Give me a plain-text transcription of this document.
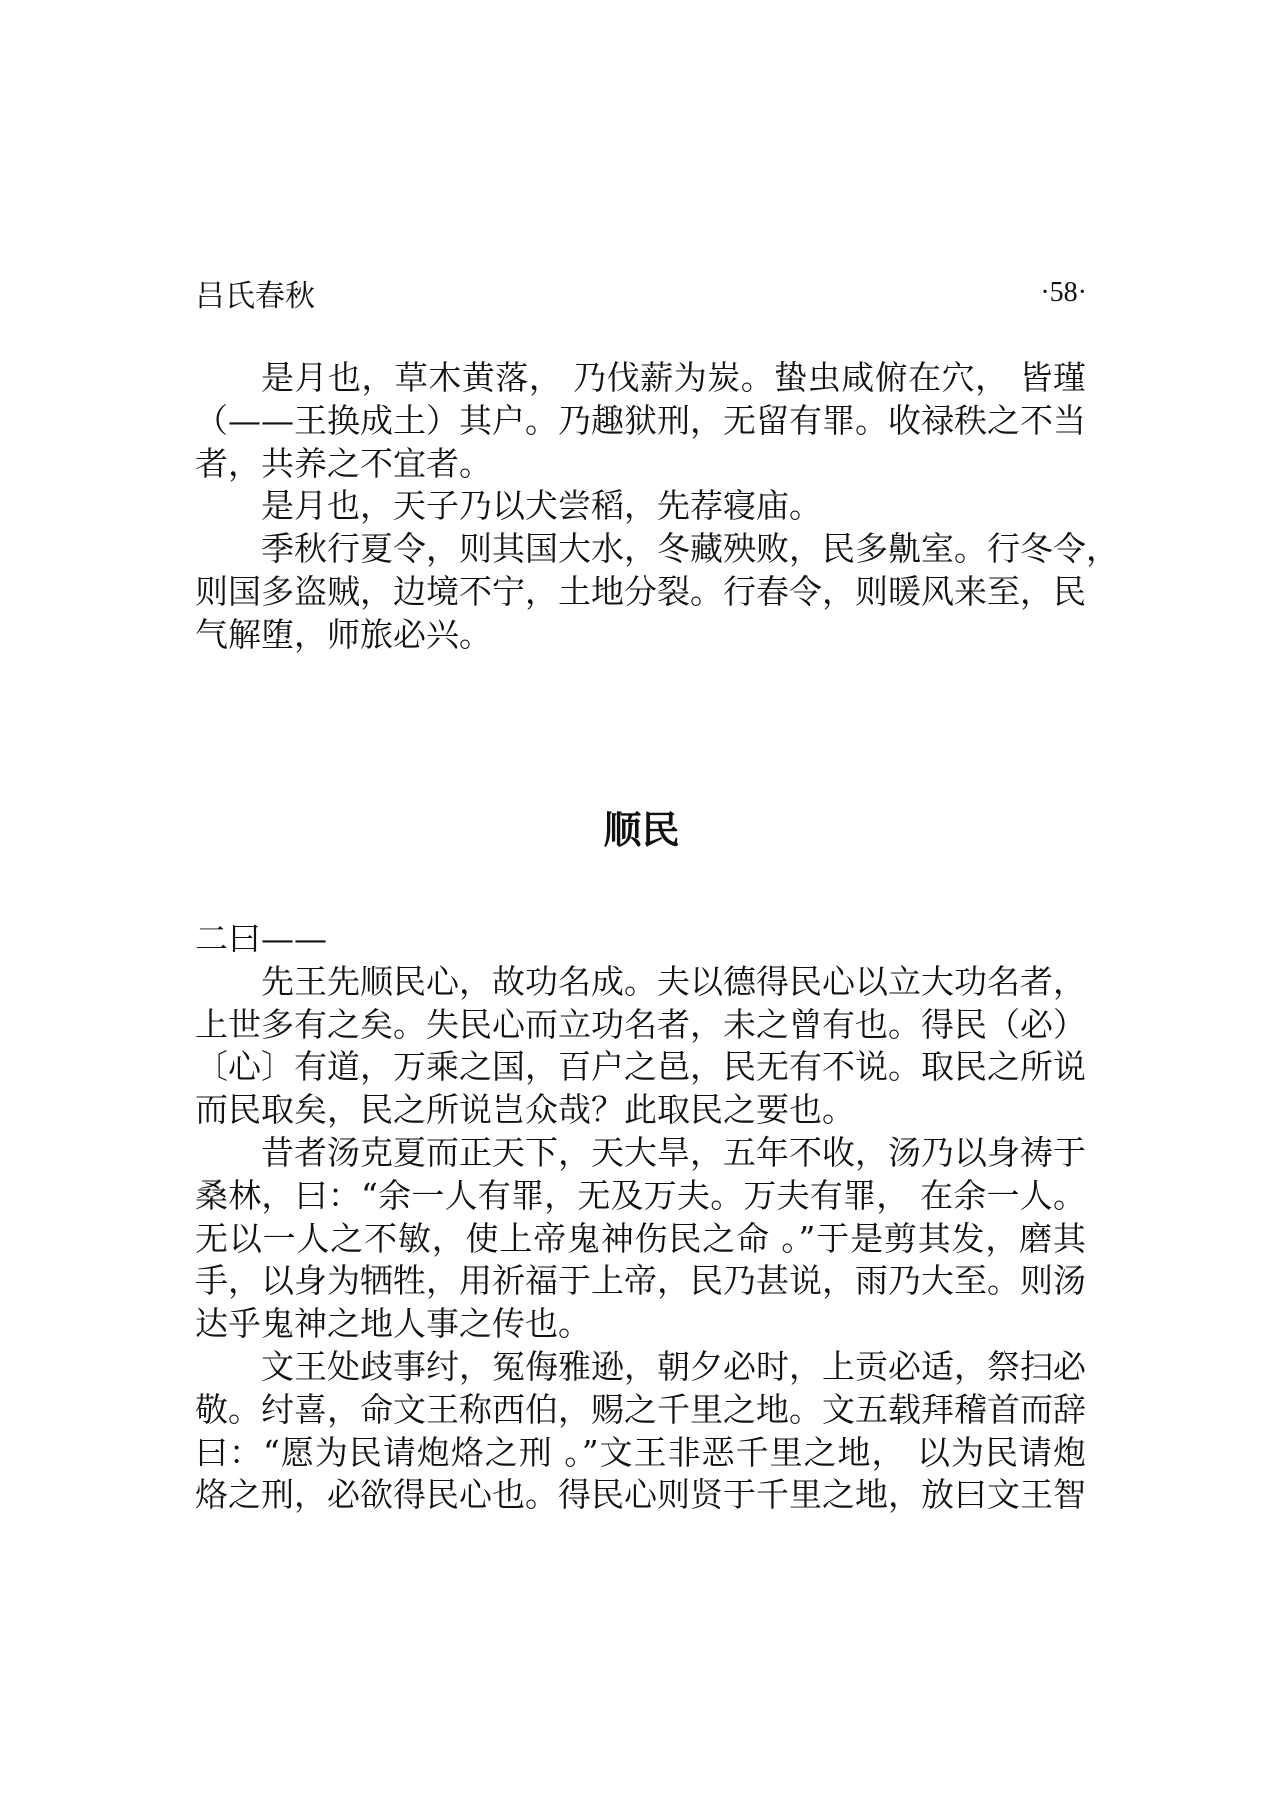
吕氏春秋	·58·
是月也，草木黄落， 乃伐薪为炭。蛰虫咸俯在穴， 皆瑾
（——王换成土）其户。乃趣狱刑，无留有罪。收禄秩之不当
者，共养之不宜者。
是月也，天子乃以犬尝稻，先荐寝庙。
季秋行夏令，则其国大水，冬藏殃败，民多鼽室。行冬令，
则国多盗贼，边境不宁，土地分裂。行春令，则暖风来至，民
气解堕，师旅必兴。
顺民
二曰——
先王先顺民心，故功名成。夫以德得民心以立大功名者，
上世多有之矣。失民心而立功名者，未之曾有也。得民（必）
〔心〕有道，万乘之国，百户之邑，民无有不说。取民之所说
而民取矣，民之所说岂众哉？此取民之要也。
昔者汤克夏而正天下，天大旱，五年不收，汤乃以身祷于
桑林，曰：“余一人有罪，无及万夫。万夫有罪， 在余一人。
无以一人之不敏，使上帝鬼神伤民之命 。”于是剪其发，磨其
手，以身为牺牲，用祈福于上帝，民乃甚说，雨乃大至。则汤
达乎鬼神之地人事之传也。
文王处歧事纣，冤侮雅逊，朝夕必时，上贡必适，祭扫必
敬。纣喜，命文王称西伯，赐之千里之地。文五载拜稽首而辞
曰：“愿为民请炮烙之刑 。”文王非恶千里之地， 以为民请炮
烙之刑，必欲得民心也。得民心则贤于千里之地，放曰文王智
